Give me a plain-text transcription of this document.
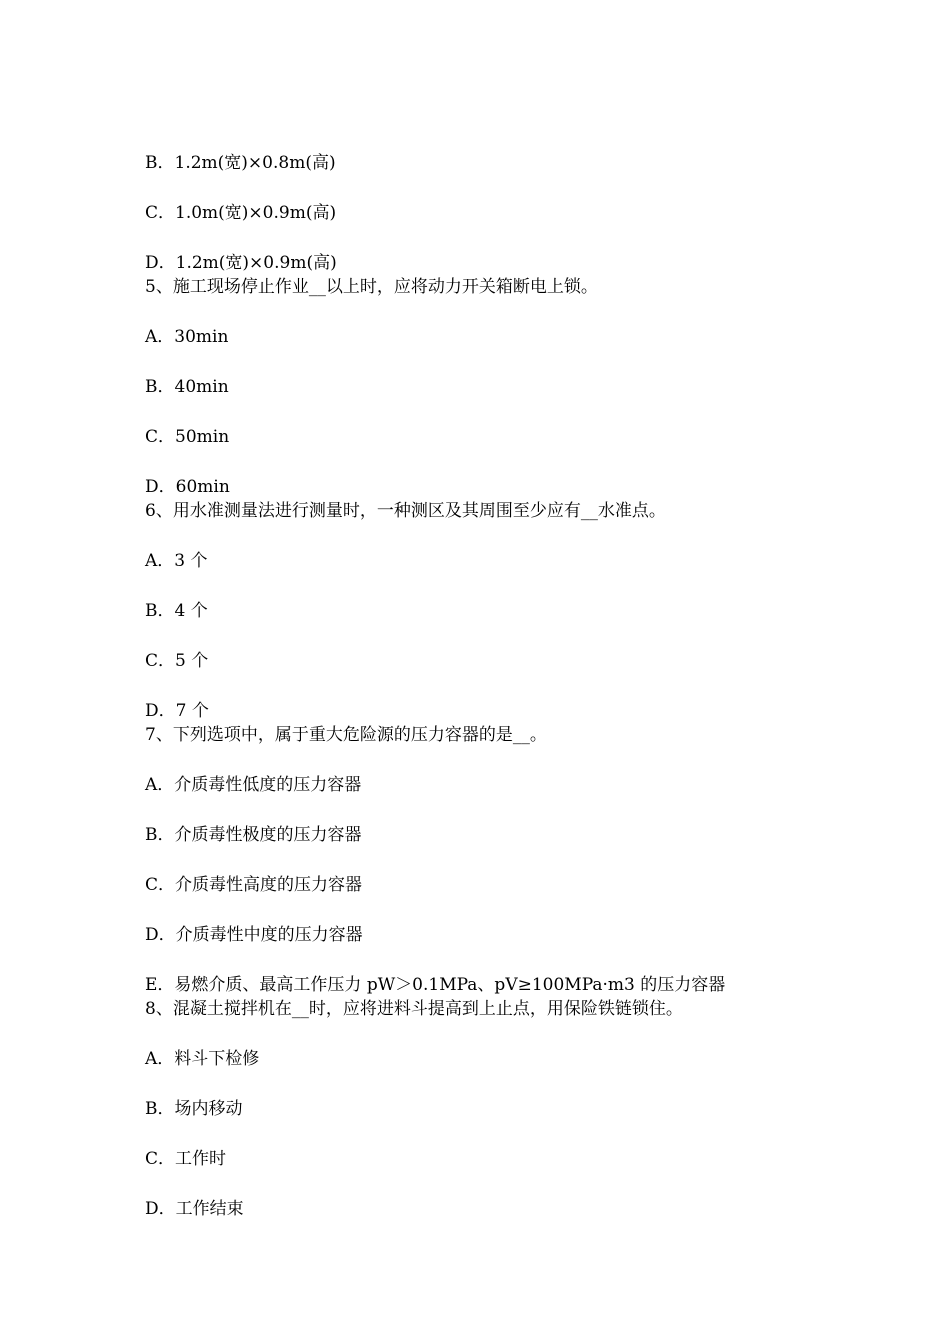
B．1.2m(宽)×0.8m(高)
C．1.0m(宽)×0.9m(高)
D．1.2m(宽)×0.9m(高)
5、施工现场停止作业__以上时，应将动力开关箱断电上锁。
A．30min
B．40min
C．50min
D．60min
6、用水准测量法进行测量时，一种测区及其周围至少应有__水准点。
A．3 个
B．4 个
C．5 个
D．7 个
7、下列选项中，属于重大危险源的压力容器的是__。
A．介质毒性低度的压力容器
B．介质毒性极度的压力容器
C．介质毒性高度的压力容器
D．介质毒性中度的压力容器
E．易燃介质、最高工作压力 pW＞0.1MPa、pV≥100MPa·m3 的压力容器
8、混凝土搅拌机在__时，应将进料斗提高到上止点，用保险铁链锁住。
A．料斗下检修
B．场内移动
C．工作时
D．工作结束
